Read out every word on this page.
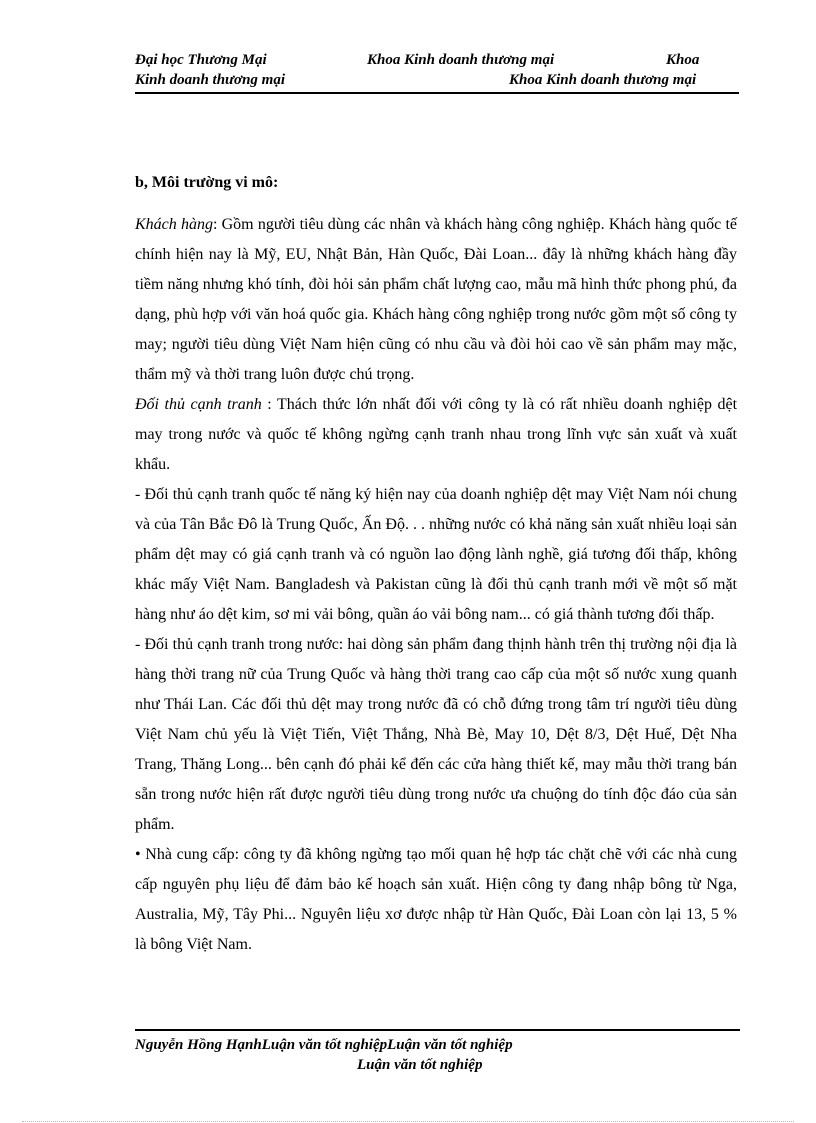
Đại học Thương Mại	Khoa Kinh doanh thương mại	Khoa
Kinh doanh thương mại	Khoa Kinh doanh thương mại

b, Môi trường vi mô:

Khách hàng: Gồm người tiêu dùng các nhân và khách hàng công nghiệp. Khách hàng quốc tế chính hiện nay là Mỹ, EU, Nhật Bản, Hàn Quốc, Đài Loan... đây là những khách hàng đầy tiềm năng nhưng khó tính, đòi hỏi sản phẩm chất lượng cao, mẫu mã hình thức phong phú, đa dạng, phù hợp với văn hoá quốc gia. Khách hàng công nghiệp trong nước gồm một số công ty may; người tiêu dùng Việt Nam hiện cũng có nhu cầu và đòi hỏi cao về sản phẩm may mặc, thẩm mỹ và thời trang luôn được chú trọng.

Đối thủ cạnh tranh : Thách thức lớn nhất đối với công ty là có rất nhiều doanh nghiệp dệt may trong nước và quốc tế không ngừng cạnh tranh nhau trong lĩnh vực sản xuất và xuất khẩu.

- Đối thủ cạnh tranh quốc tế năng ký hiện nay của doanh nghiệp dệt may Việt Nam nói chung và của Tân Bắc Đô là Trung Quốc, Ấn Độ. . . những nước có khả năng sản xuất nhiều loại sản phẩm dệt may có giá cạnh tranh và có nguồn lao động lành nghề, giá tương đối thấp, không khác mấy Việt Nam. Bangladesh và Pakistan cũng là đối thủ cạnh tranh mới về một số mặt hàng như áo dệt kim, sơ mi vải bông, quần áo vải bông nam... có giá thành tương đối thấp.

- Đối thủ cạnh tranh trong nước: hai dòng sản phẩm đang thịnh hành trên thị trường nội địa là hàng thời trang nữ của Trung Quốc và hàng thời trang cao cấp của một số nước xung quanh như Thái Lan. Các đối thủ dệt may trong nước đã có chỗ đứng trong tâm trí người tiêu dùng Việt Nam chủ yếu là Việt Tiến, Việt Thắng, Nhà Bè, May 10, Dệt 8/3, Dệt Huế, Dệt Nha Trang, Thăng Long... bên cạnh đó phải kể đến các cửa hàng thiết kế, may mẫu thời trang bán sẵn trong nước hiện rất được người tiêu dùng trong nước ưa chuộng do tính độc đáo của sản phẩm.

• Nhà cung cấp: công ty đã không ngừng tạo mối quan hệ hợp tác chặt chẽ với các nhà cung cấp nguyên phụ liệu để đảm bảo kế hoạch sản xuất. Hiện công ty đang nhập bông từ Nga, Australia, Mỹ, Tây Phi... Nguyên liệu xơ được nhập từ Hàn Quốc, Đài Loan còn lại 13, 5 % là bông Việt Nam.

Nguyễn Hồng HạnhLuận văn tốt nghiệpLuận văn tốt nghiệp
Luận văn tốt nghiệp
